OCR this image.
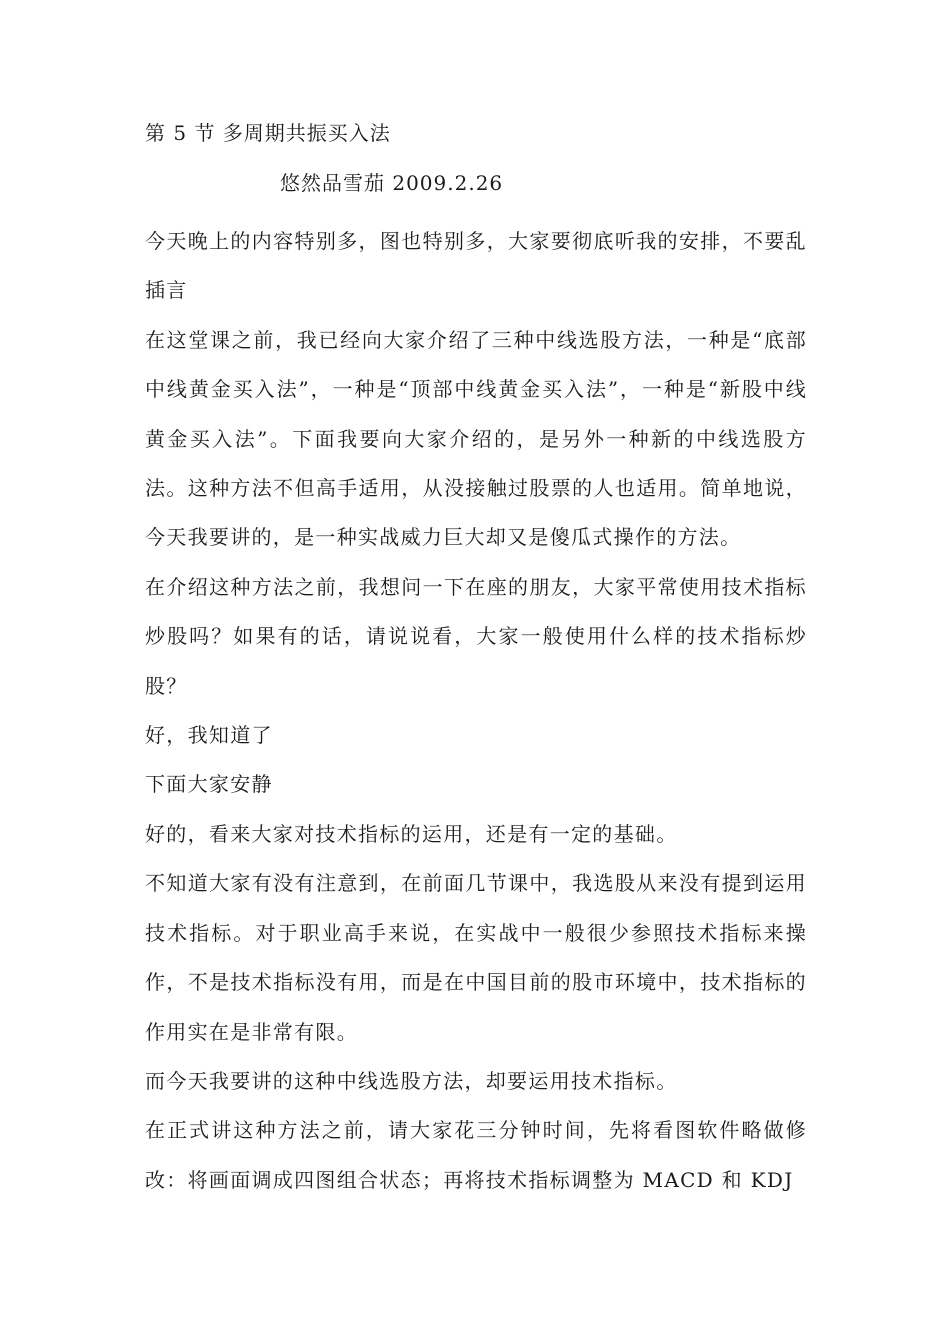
第 5 节 多周期共振买入法
悠然品雪茄 2009.2.26

今天晚上的内容特别多，图也特别多，大家要彻底听我的安排，不要乱插言

在这堂课之前，我已经向大家介绍了三种中线选股方法，一种是“底部中线黄金买入法”，一种是“顶部中线黄金买入法”，一种是“新股中线黄金买入法”。下面我要向大家介绍的，是另外一种新的中线选股方法。这种方法不但高手适用，从没接触过股票的人也适用。简单地说，今天我要讲的，是一种实战威力巨大却又是傻瓜式操作的方法。

在介绍这种方法之前，我想问一下在座的朋友，大家平常使用技术指标炒股吗？如果有的话，请说说看，大家一般使用什么样的技术指标炒股？

好，我知道了

下面大家安静

好的，看来大家对技术指标的运用，还是有一定的基础。

不知道大家有没有注意到，在前面几节课中，我选股从来没有提到运用技术指标。对于职业高手来说，在实战中一般很少参照技术指标来操作，不是技术指标没有用，而是在中国目前的股市环境中，技术指标的作用实在是非常有限。

而今天我要讲的这种中线选股方法，却要运用技术指标。

在正式讲这种方法之前，请大家花三分钟时间，先将看图软件略做修改：将画面调成四图组合状态；再将技术指标调整为 MACD 和 KDJ
